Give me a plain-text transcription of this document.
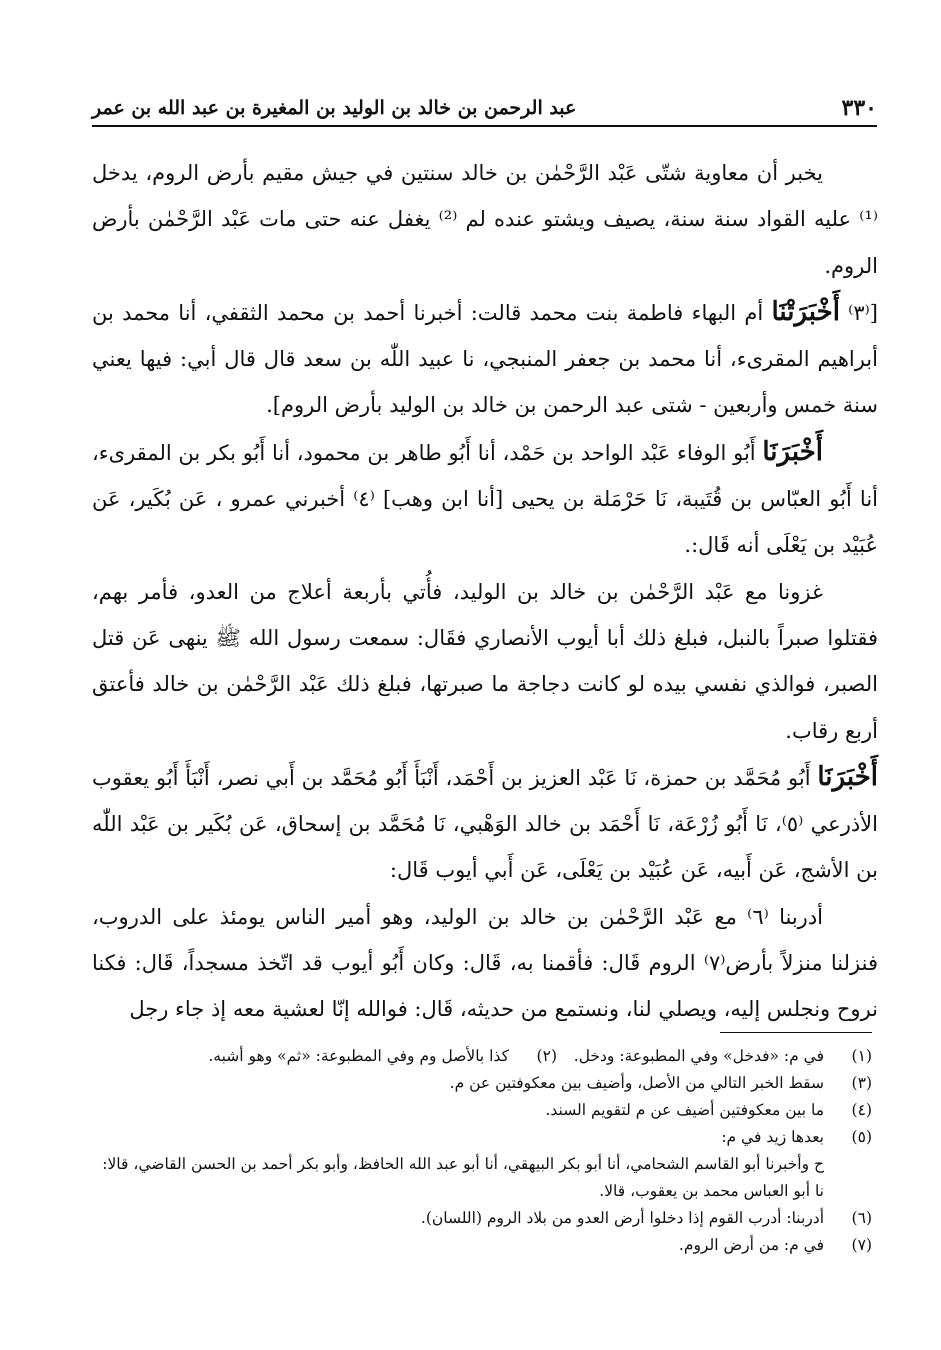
٣٣٠
عبد الرحمن بن خالد بن الوليد بن المغيرة بن عبد الله بن عمر

يخبر أن معاوية شتّى عَبْد الرَّحْمٰن بن خالد سنتين في جيش مقيم بأرض الروم، يدخل ⁽¹⁾ عليه القواد سنة سنة، يصيف ويشتو عنده لم ⁽²⁾ يغفل عنه حتى مات عَبْد الرَّحْمٰن بأرض الروم.

[⁽٣⁾ أَخْبَرَتْنَا أم البهاء فاطمة بنت محمد قالت: أخبرنا أحمد بن محمد الثقفي، أنا محمد بن أبراهيم المقرىء، أنا محمد بن جعفر المنبجي، نا عبيد اللّٰه بن سعد قال قال أبي: فيها يعني سنة خمس وأربعين - شتى عبد الرحمن بن خالد بن الوليد بأرض الروم].

أَخْبَرَنَا أَبُو الوفاء عَبْد الواحد بن حَمْد، أنا أَبُو طاهر بن محمود، أنا أَبُو بكر بن المقرىء، أنا أَبُو العبّاس بن قُتَيبة، نَا حَرْمَلة بن يحيى [أنا ابن وهب] ⁽٤⁾ أخبرني عمرو ، عَن بُكَير، عَن عُبَيْد بن يَعْلَى أنه قَال:.

غزونا مع عَبْد الرَّحْمٰن بن خالد بن الوليد، فأُتي بأربعة أعلاج من العدو، فأمر بهم، فقتلوا صبراً بالنبل، فبلغ ذلك أبا أيوب الأنصاري فقَال: سمعت رسول الله ﷺ ينهى عَن قتل الصبر، فوالذي نفسي بيده لو كانت دجاجة ما صبرتها، فبلغ ذلك عَبْد الرَّحْمٰن بن خالد فأعتق أربع رقاب.

أَخْبَرَنَا أَبُو مُحَمَّد بن حمزة، نَا عَبْد العزيز بن أَحْمَد، أَنْبَأَ أَبُو مُحَمَّد بن أَبي نصر، أَنْبَأَ أَبُو يعقوب الأذرعي ⁽٥⁾، نَا أَبُو زُرْعَة، نَا أَحْمَد بن خالد الوَهْبي، نَا مُحَمَّد بن إسحاق، عَن بُكَير بن عَبْد اللّٰه بن الأشج، عَن أَبيه، عَن عُبَيْد بن يَعْلَى، عَن أَبي أيوب قَال:

أدربنا ⁽٦⁾ مع عَبْد الرَّحْمٰن بن خالد بن الوليد، وهو أمير الناس يومئذ على الدروب، فنزلنا منزلاً بأرض⁽٧⁾ الروم قَال: فأقمنا به، قَال: وكان أَبُو أيوب قد اتّخذ مسجداً، قَال: فكنا نروح ونجلس إليه، ويصلي لنا، ونستمع من حديثه، قَال: فوالله إنّا لعشية معه إذ جاء رجل

(١)
في م: «فدخل» وفي المطبوعة: ودخل.
(٢)
كذا بالأصل وم وفي المطبوعة: «ثم» وهو أشبه.
(٣)
سقط الخبر التالي من الأصل، وأضيف بين معكوفتين عن م.
(٤)
ما بين معكوفتين أضيف عن م لتقويم السند.
(٥)
بعدها زيد في م:
ح وأخبرنا أبو القاسم الشحامي، أنا أبو بكر البيهقي، أنا أبو عبد الله الحافظ، وأبو بكر أحمد بن الحسن القاضي، قالا: نا أبو العباس محمد بن يعقوب، قالا.
(٦)
أدربنا: أدرب القوم إذا دخلوا أرض العدو من بلاد الروم (اللسان).
(٧)
في م: من أرض الروم.
